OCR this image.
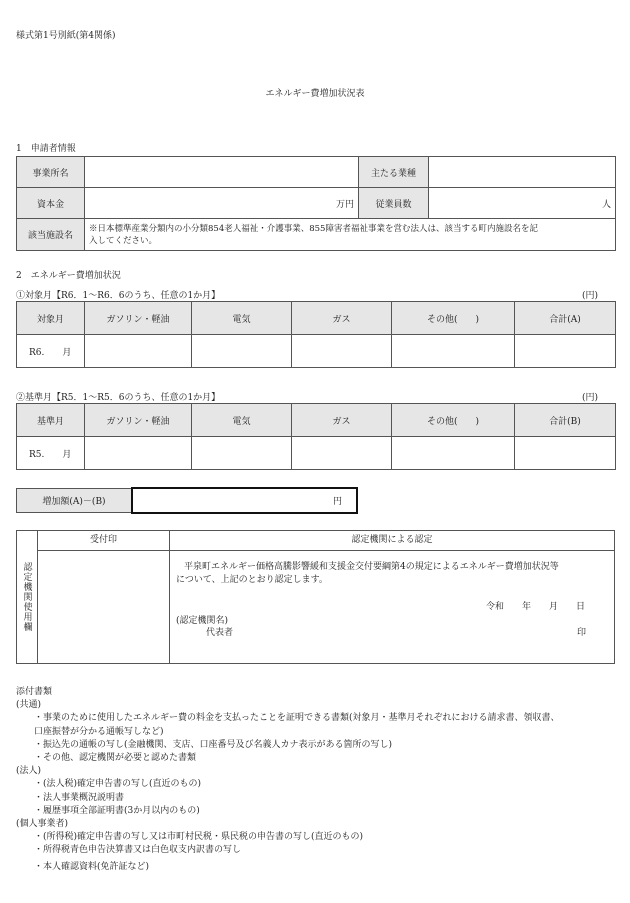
様式第1号別紙(第4関係)
エネルギー費増加状況表
1　申請者情報
事業所名		主たる業種	
資本金	万円	従業員数	人
該当施設名	※日本標準産業分類内の小分類854老人福祉・介護事業、855障害者福祉事業を営む法人は、該当する町内施設名を記
入してください。		
2　エネルギー費増加状況
①対象月【R6．1～R6．6のうち、任意の1か月】	(円)
対象月	ガソリン・軽油	電気	ガス	その他(　　)	合計(A)
R6.　　月					
②基準月【R5．1～R5．6のうち、任意の1か月】	(円)
基準月	ガソリン・軽油	電気	ガス	その他(　　)	合計(B)
R5.　　月					
増加額(A)－(B)	円
認定機関使用欄
受付印	認定機関による認定
平泉町エネルギー価格高騰影響緩和支援金交付要綱第4の規定によるエネルギー費増加状況等
について、上記のとおり認定します。
令和　　年　　月　　日
(認定機関名)
代表者	印
添付書類
(共通)
・事業のために使用したエネルギー費の料金を支払ったことを証明できる書類(対象月・基準月それぞれにおける請求書、領収書、
口座振替が分かる通帳写しなど)
・振込先の通帳の写し(金融機関、支店、口座番号及び名義人カナ表示がある箇所の写し)
・その他、認定機関が必要と認めた書類
(法人)
・(法人税)確定申告書の写し(直近のもの)
・法人事業概況説明書
・履歴事項全部証明書(3か月以内のもの)
(個人事業者)
・(所得税)確定申告書の写し又は市町村民税・県民税の申告書の写し(直近のもの)
・所得税青色申告決算書又は白色収支内訳書の写し
・本人確認資料(免許証など)
